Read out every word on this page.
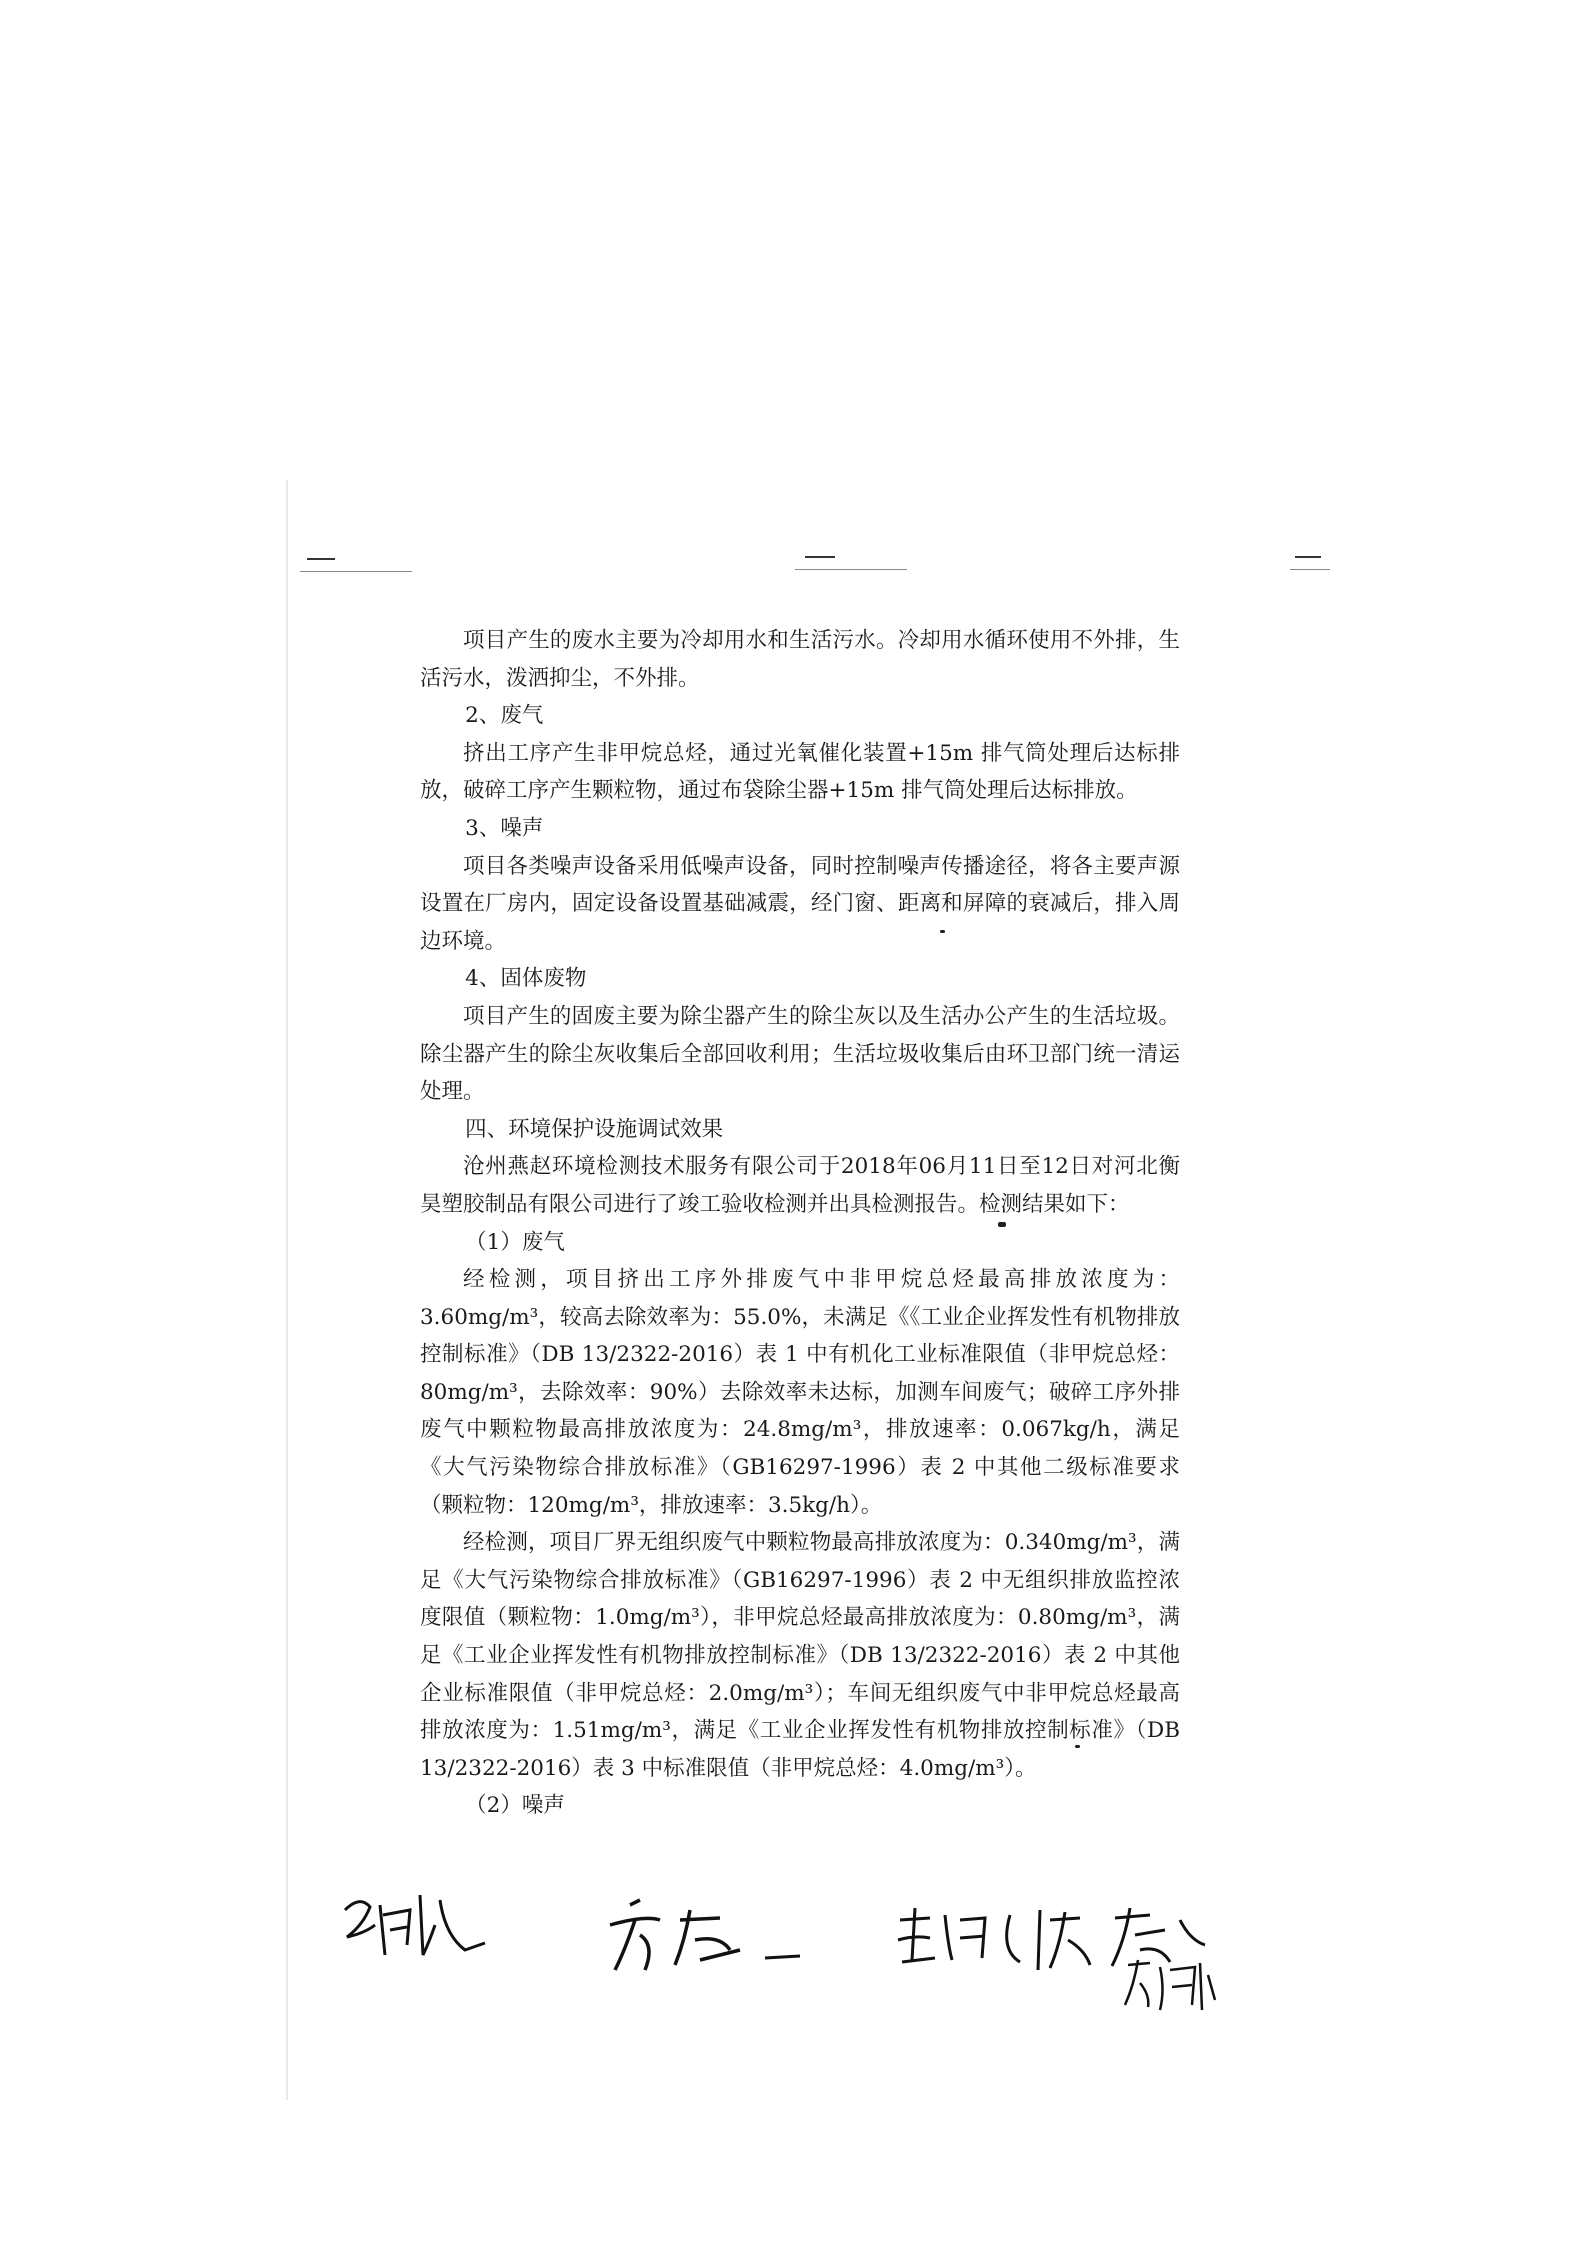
项目产生的废水主要为冷却用水和生活污水。冷却用水循环使用不外排，生活污水，泼洒抑尘，不外排。

2、废气

挤出工序产生非甲烷总烃，通过光氧催化装置+15m 排气筒处理后达标排放，破碎工序产生颗粒物，通过布袋除尘器+15m 排气筒处理后达标排放。

3、噪声

项目各类噪声设备采用低噪声设备，同时控制噪声传播途径，将各主要声源设置在厂房内，固定设备设置基础减震，经门窗、距离和屏障的衰减后，排入周边环境。

4、固体废物

项目产生的固废主要为除尘器产生的除尘灰以及生活办公产生的生活垃圾。除尘器产生的除尘灰收集后全部回收利用；生活垃圾收集后由环卫部门统一清运处理。

四、环境保护设施调试效果

沧州燕赵环境检测技术服务有限公司于2018年06月11日至12日对河北衡昊塑胶制品有限公司进行了竣工验收检测并出具检测报告。检测结果如下：

（1）废气

经检测，项目挤出工序外排废气中非甲烷总烃最高排放浓度为：3.60mg/m³，较高去除效率为：55.0%，未满足《《工业企业挥发性有机物排放控制标准》（DB 13/2322-2016）表 1 中有机化工业标准限值（非甲烷总烃：80mg/m³，去除效率：90%）去除效率未达标，加测车间废气；破碎工序外排废气中颗粒物最高排放浓度为：24.8mg/m³，排放速率：0.067kg/h，满足《大气污染物综合排放标准》（GB16297-1996）表 2 中其他二级标准要求（颗粒物：120mg/m³，排放速率：3.5kg/h）。

经检测，项目厂界无组织废气中颗粒物最高排放浓度为：0.340mg/m³，满足《大气污染物综合排放标准》（GB16297-1996）表 2 中无组织排放监控浓度限值（颗粒物：1.0mg/m³），非甲烷总烃最高排放浓度为：0.80mg/m³，满足《工业企业挥发性有机物排放控制标准》（DB 13/2322-2016）表 2 中其他企业标准限值（非甲烷总烃：2.0mg/m³）；车间无组织废气中非甲烷总烃最高排放浓度为：1.51mg/m³，满足《工业企业挥发性有机物排放控制标准》（DB 13/2322-2016）表 3 中标准限值（非甲烷总烃：4.0mg/m³）。

（2）噪声
